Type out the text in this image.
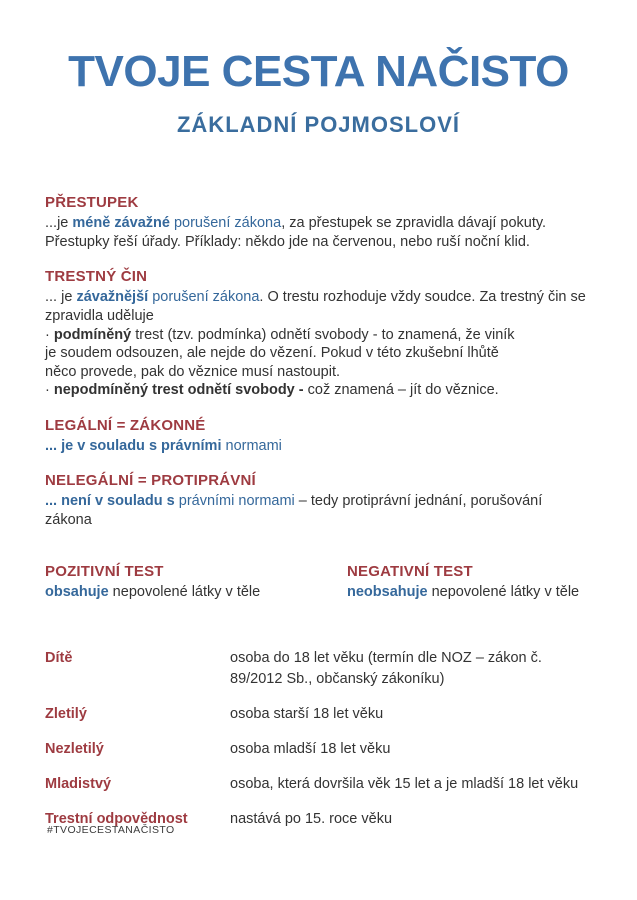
TVOJE CESTA NAČISTO
ZÁKLADNÍ POJMOSLOVÍ
PŘESTUPEK

...je méně závažné porušení zákona, za přestupek se zpravidla dávají pokuty. Přestupky řeší úřady. Příklady: někdo jde na červenou, nebo ruší noční klid.

TRESTNÝ ČIN

... je závažnější porušení zákona. O trestu rozhoduje vždy soudce. Za trestný čin se zpravidla uděluje

· podmíněný trest (tzv. podmínka) odnětí svobody - to znamená, že viník je soudem odsouzen, ale nejde do vězení. Pokud v této zkušební lhůtě něco provede, pak do věznice musí nastoupit.

· nepodmíněný trest odnětí svobody - což znamená – jít do věznice.

LEGÁLNÍ = ZÁKONNÉ

... je v souladu s právními normami

NELEGÁLNÍ = PROTIPRÁVNÍ

... není v souladu s právními normami – tedy protiprávní jednání, porušování zákona

POZITIVNÍ TEST

obsahuje nepovolené látky v těle

NEGATIVNÍ TEST

neobsahuje nepovolené látky v těle

Dítě	osoba do 18 let věku (termín dle NOZ – zákon č. 89/2012 Sb., občanský zákoníku)
Zletilý	osoba starší 18 let věku
Nezletilý	osoba mladší 18 let věku
Mladistvý	osoba, která dovršila věk 15 let a je mladší 18 let věku
Trestní odpovědnost	nastává po 15. roce věku
#TVOJECESTANAČISTO
